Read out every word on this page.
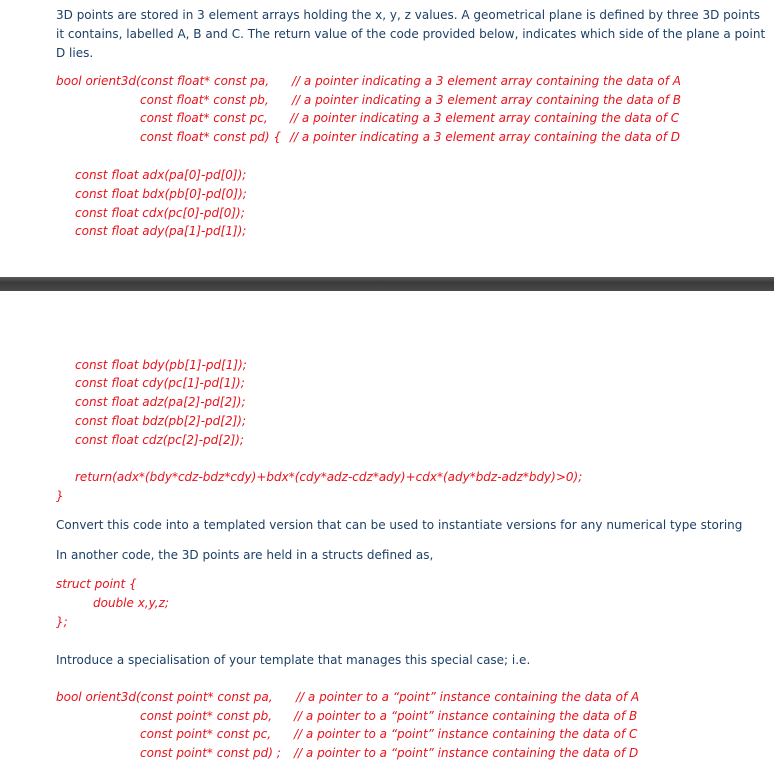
3D points are stored in 3 element arrays holding the x, y, z values. A geometrical plane is defined by three 3D points
it contains, labelled A, B and C. The return value of the code provided below, indicates which side of the plane a point
D lies.
bool orient3d(const float* const pa, // a pointer indicating a 3 element array containing the data of A
const float* const pb, // a pointer indicating a 3 element array containing the data of B
const float* const pc, // a pointer indicating a 3 element array containing the data of C
const float* const pd) { // a pointer indicating a 3 element array containing the data of D
const float adx(pa[0]-pd[0]);
const float bdx(pb[0]-pd[0]);
const float cdx(pc[0]-pd[0]);
const float ady(pa[1]-pd[1]);
const float bdy(pb[1]-pd[1]);
const float cdy(pc[1]-pd[1]);
const float adz(pa[2]-pd[2]);
const float bdz(pb[2]-pd[2]);
const float cdz(pc[2]-pd[2]);
return(adx*(bdy*cdz-bdz*cdy)+bdx*(cdy*adz-cdz*ady)+cdx*(ady*bdz-adz*bdy)>0);
}
Convert this code into a templated version that can be used to instantiate versions for any numerical type storing
In another code, the 3D points are held in a structs defined as,
struct point {
double x,y,z;
};
Introduce a specialisation of your template that manages this special case; i.e.
bool orient3d(const point* const pa, // a pointer to a “point” instance containing the data of A
const point* const pb, // a pointer to a “point” instance containing the data of B
const point* const pc, // a pointer to a “point” instance containing the data of C
const point* const pd) ; // a pointer to a “point” instance containing the data of D
